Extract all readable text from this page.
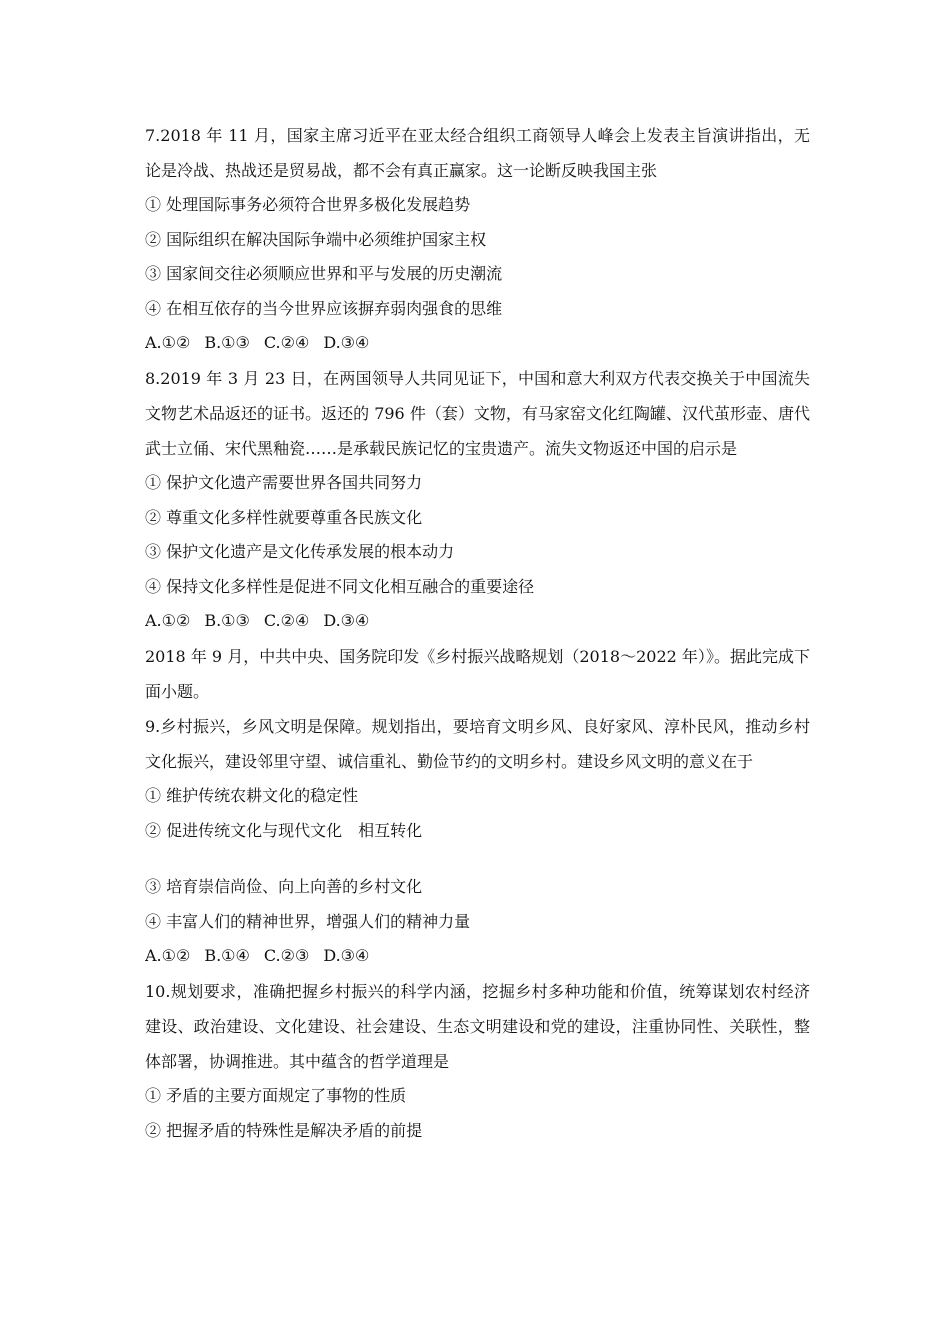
7.2018 年 11 月，国家主席习近平在亚太经合组织工商领导人峰会上发表主旨演讲指出，无论是冷战、热战还是贸易战，都不会有真正赢家。这一论断反映我国主张
① 处理国际事务必须符合世界多极化发展趋势
② 国际组织在解决国际争端中必须维护国家主权
③ 国家间交往必须顺应世界和平与发展的历史潮流
④ 在相互依存的当今世界应该摒弃弱肉强食的思维
A.①② B.①③ C.②④ D.③④
8.2019 年 3 月 23 日，在两国领导人共同见证下，中国和意大利双方代表交换关于中国流失文物艺术品返还的证书。返还的 796 件（套）文物，有马家窑文化红陶罐、汉代茧形壶、唐代武士立俑、宋代黑釉瓷……是承载民族记忆的宝贵遗产。流失文物返还中国的启示是
① 保护文化遗产需要世界各国共同努力
② 尊重文化多样性就要尊重各民族文化
③ 保护文化遗产是文化传承发展的根本动力
④ 保持文化多样性是促进不同文化相互融合的重要途径
A.①② B.①③ C.②④ D.③④
2018 年 9 月，中共中央、国务院印发《乡村振兴战略规划（2018～2022 年）》。据此完成下面小题。
9.乡村振兴，乡风文明是保障。规划指出，要培育文明乡风、良好家风、淳朴民风，推动乡村文化振兴，建设邻里守望、诚信重礼、勤俭节约的文明乡村。建设乡风文明的意义在于
① 维护传统农耕文化的稳定性
② 促进传统文化与现代文化　相互转化
③ 培育崇信尚俭、向上向善的乡村文化
④ 丰富人们的精神世界，增强人们的精神力量
A.①② B.①④ C.②③ D.③④
10.规划要求，准确把握乡村振兴的科学内涵，挖掘乡村多种功能和价值，统筹谋划农村经济建设、政治建设、文化建设、社会建设、生态文明建设和党的建设，注重协同性、关联性，整体部署，协调推进。其中蕴含的哲学道理是
① 矛盾的主要方面规定了事物的性质
② 把握矛盾的特殊性是解决矛盾的前提
